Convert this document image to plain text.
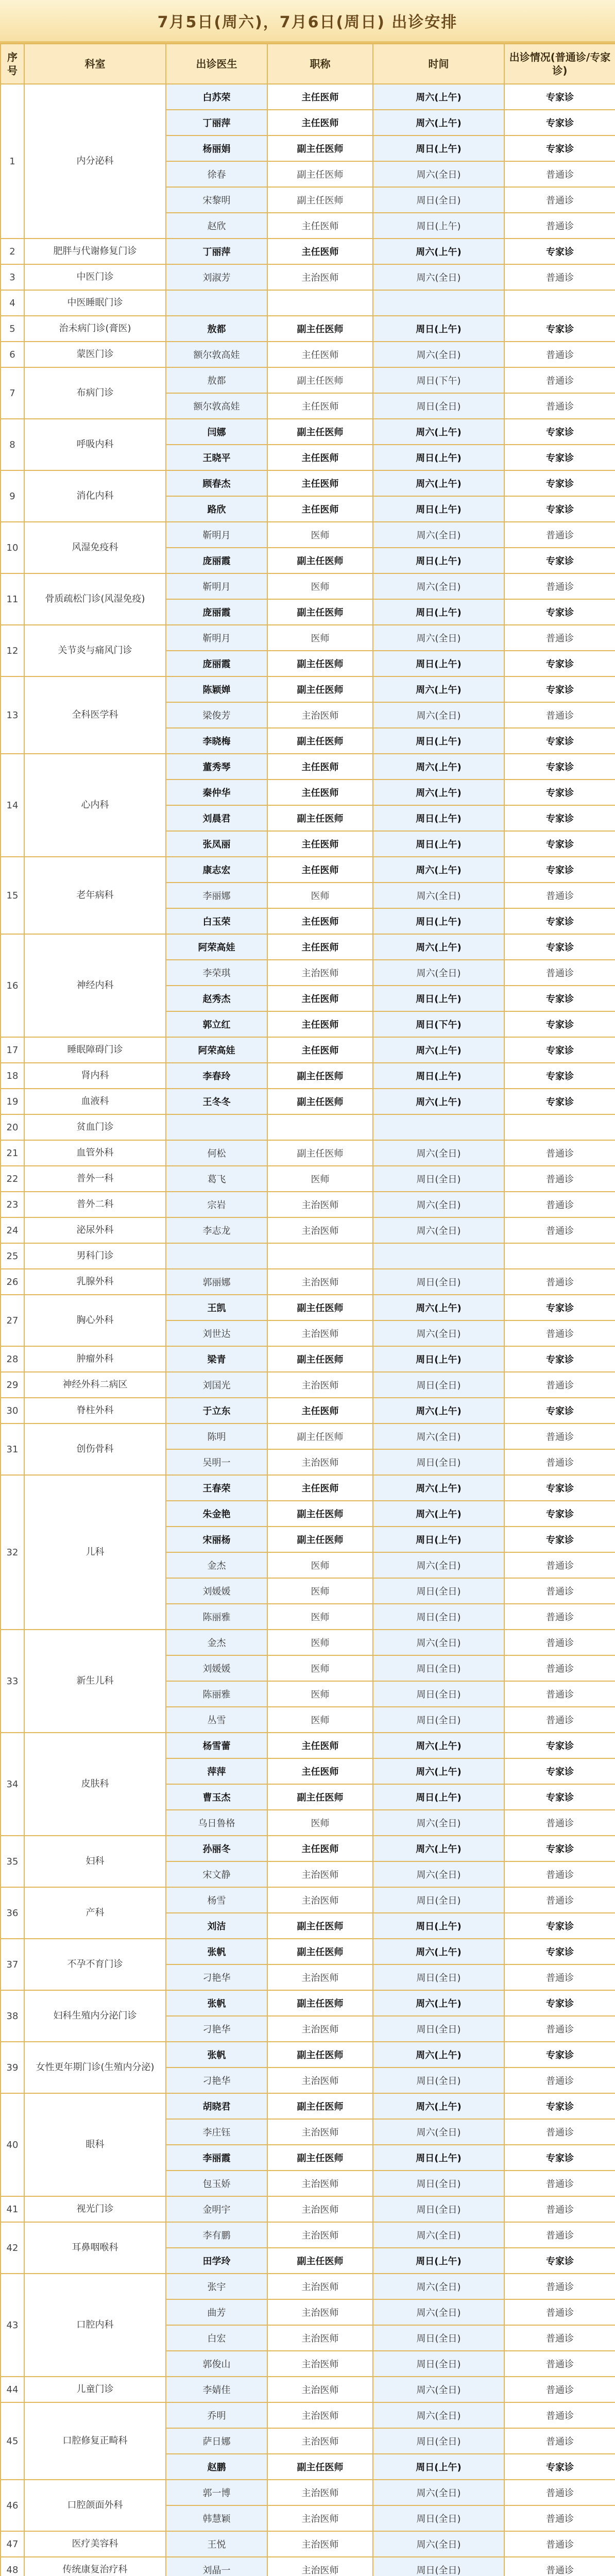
7月5日(周六)，7月6日(周日) 出诊安排
序号	科室	出诊医生	职称	时间	出诊情况(普通诊/专家诊)
1	内分泌科	白苏荣	主任医师	周六(上午)	专家诊
		丁丽萍	主任医师	周六(上午)	专家诊
		杨丽娟	副主任医师	周日(上午)	专家诊
		徐春	副主任医师	周六(全日)	普通诊
		宋黎明	副主任医师	周日(全日)	普通诊
		赵欣	主任医师	周日(上午)	普通诊
2	肥胖与代谢修复门诊	丁丽萍	主任医师	周六(上午)	专家诊
3	中医门诊	刘淑芳	主治医师	周六(全日)	普通诊
4	中医睡眠门诊				
5	治未病门诊(膏医)	敖都	副主任医师	周日(上午)	专家诊
6	蒙医门诊	额尔敦高娃	主任医师	周六(全日)	普通诊
7	布病门诊	敖都	副主任医师	周日(下午)	普通诊
		额尔敦高娃	主任医师	周日(全日)	普通诊
8	呼吸内科	闫娜	副主任医师	周六(上午)	专家诊
		王晓平	主任医师	周日(上午)	专家诊
9	消化内科	顾春杰	主任医师	周六(上午)	专家诊
		路欣	主任医师	周日(上午)	专家诊
10	风湿免疫科	靳明月	医师	周六(全日)	普通诊
		庞丽霞	副主任医师	周日(上午)	专家诊
11	骨质疏松门诊(风湿免疫)	靳明月	医师	周六(全日)	普通诊
		庞丽霞	副主任医师	周日(上午)	专家诊
12	关节炎与痛风门诊	靳明月	医师	周六(全日)	普通诊
		庞丽霞	副主任医师	周日(上午)	专家诊
13	全科医学科	陈颖婵	副主任医师	周六(上午)	专家诊
		梁俊芳	主治医师	周六(全日)	普通诊
		李晓梅	副主任医师	周日(上午)	专家诊
14	心内科	董秀琴	主任医师	周六(上午)	专家诊
		秦仲华	主任医师	周六(上午)	专家诊
		刘晨君	副主任医师	周日(上午)	专家诊
		张凤丽	主任医师	周日(上午)	专家诊
15	老年病科	康志宏	主任医师	周六(上午)	专家诊
		李丽娜	医师	周六(全日)	普通诊
		白玉荣	主任医师	周日(上午)	专家诊
16	神经内科	阿荣高娃	主任医师	周六(上午)	专家诊
		李荣琪	主治医师	周六(全日)	普通诊
		赵秀杰	主任医师	周日(上午)	专家诊
		郭立红	主任医师	周日(下午)	专家诊
17	睡眠障碍门诊	阿荣高娃	主任医师	周六(上午)	专家诊
18	肾内科	李春玲	副主任医师	周日(上午)	专家诊
19	血液科	王冬冬	副主任医师	周六(上午)	专家诊
20	贫血门诊				
21	血管外科	何松	副主任医师	周六(全日)	普通诊
22	普外一科	葛飞	医师	周日(全日)	普通诊
23	普外二科	宗岩	主治医师	周六(全日)	普通诊
24	泌尿外科	李志龙	主治医师	周六(全日)	普通诊
25	男科门诊				
26	乳腺外科	郭丽娜	主治医师	周日(全日)	普通诊
27	胸心外科	王凯	副主任医师	周六(上午)	专家诊
		刘世达	主治医师	周六(全日)	普通诊
28	肿瘤外科	梁青	副主任医师	周日(上午)	专家诊
29	神经外科二病区	刘国光	主治医师	周日(全日)	普通诊
30	脊柱外科	于立东	主任医师	周六(上午)	专家诊
31	创伤骨科	陈明	副主任医师	周六(全日)	普通诊
		吴明一	主治医师	周日(全日)	普通诊
32	儿科	王春荣	主任医师	周六(上午)	专家诊
		朱金艳	副主任医师	周六(上午)	专家诊
		宋丽杨	副主任医师	周日(上午)	专家诊
		金杰	医师	周六(全日)	普通诊
		刘媛媛	医师	周日(全日)	普通诊
		陈丽雅	医师	周日(全日)	普通诊
33	新生儿科	金杰	医师	周六(全日)	普通诊
		刘媛媛	医师	周日(全日)	普通诊
		陈丽雅	医师	周日(全日)	普通诊
		丛雪	医师	周日(全日)	普通诊
34	皮肤科	杨雪蕾	主任医师	周六(上午)	专家诊
		萍萍	主任医师	周六(上午)	专家诊
		曹玉杰	副主任医师	周日(上午)	专家诊
		乌日鲁格	医师	周六(全日)	普通诊
35	妇科	孙丽冬	主任医师	周六(上午)	专家诊
		宋文静	主治医师	周六(全日)	普通诊
36	产科	杨雪	主治医师	周日(全日)	普通诊
		刘洁	副主任医师	周日(上午)	专家诊
37	不孕不育门诊	张帆	副主任医师	周六(上午)	专家诊
		刁艳华	主治医师	周日(全日)	普通诊
38	妇科生殖内分泌门诊	张帆	副主任医师	周六(上午)	专家诊
		刁艳华	主治医师	周日(全日)	普通诊
39	女性更年期门诊(生殖内分泌)	张帆	副主任医师	周六(上午)	专家诊
		刁艳华	主治医师	周日(全日)	普通诊
40	眼科	胡晓君	副主任医师	周六(上午)	专家诊
		李庄钰	主治医师	周六(全日)	普通诊
		李丽霞	副主任医师	周日(上午)	专家诊
		包玉娇	主治医师	周日(全日)	普通诊
41	视光门诊	金明宇	主治医师	周日(全日)	普通诊
42	耳鼻咽喉科	李有鹏	主治医师	周六(全日)	普通诊
		田学玲	副主任医师	周日(上午)	专家诊
43	口腔内科	张宇	主治医师	周六(全日)	普通诊
		曲芳	主治医师	周六(全日)	普通诊
		白宏	主治医师	周日(全日)	普通诊
		郭俊山	主治医师	周日(全日)	普通诊
44	儿童门诊	李婧佳	主治医师	周六(全日)	普通诊
45	口腔修复正畸科	乔明	主治医师	周六(全日)	普通诊
		萨日娜	主治医师	周日(全日)	普通诊
		赵鹏	副主任医师	周日(上午)	专家诊
46	口腔颌面外科	郭一博	主治医师	周六(全日)	普通诊
		韩慧颖	主治医师	周日(全日)	普通诊
47	医疗美容科	王悦	主治医师	周六(全日)	普通诊
48	传统康复治疗科	刘晶一	主治医师	周日(全日)	普通诊
